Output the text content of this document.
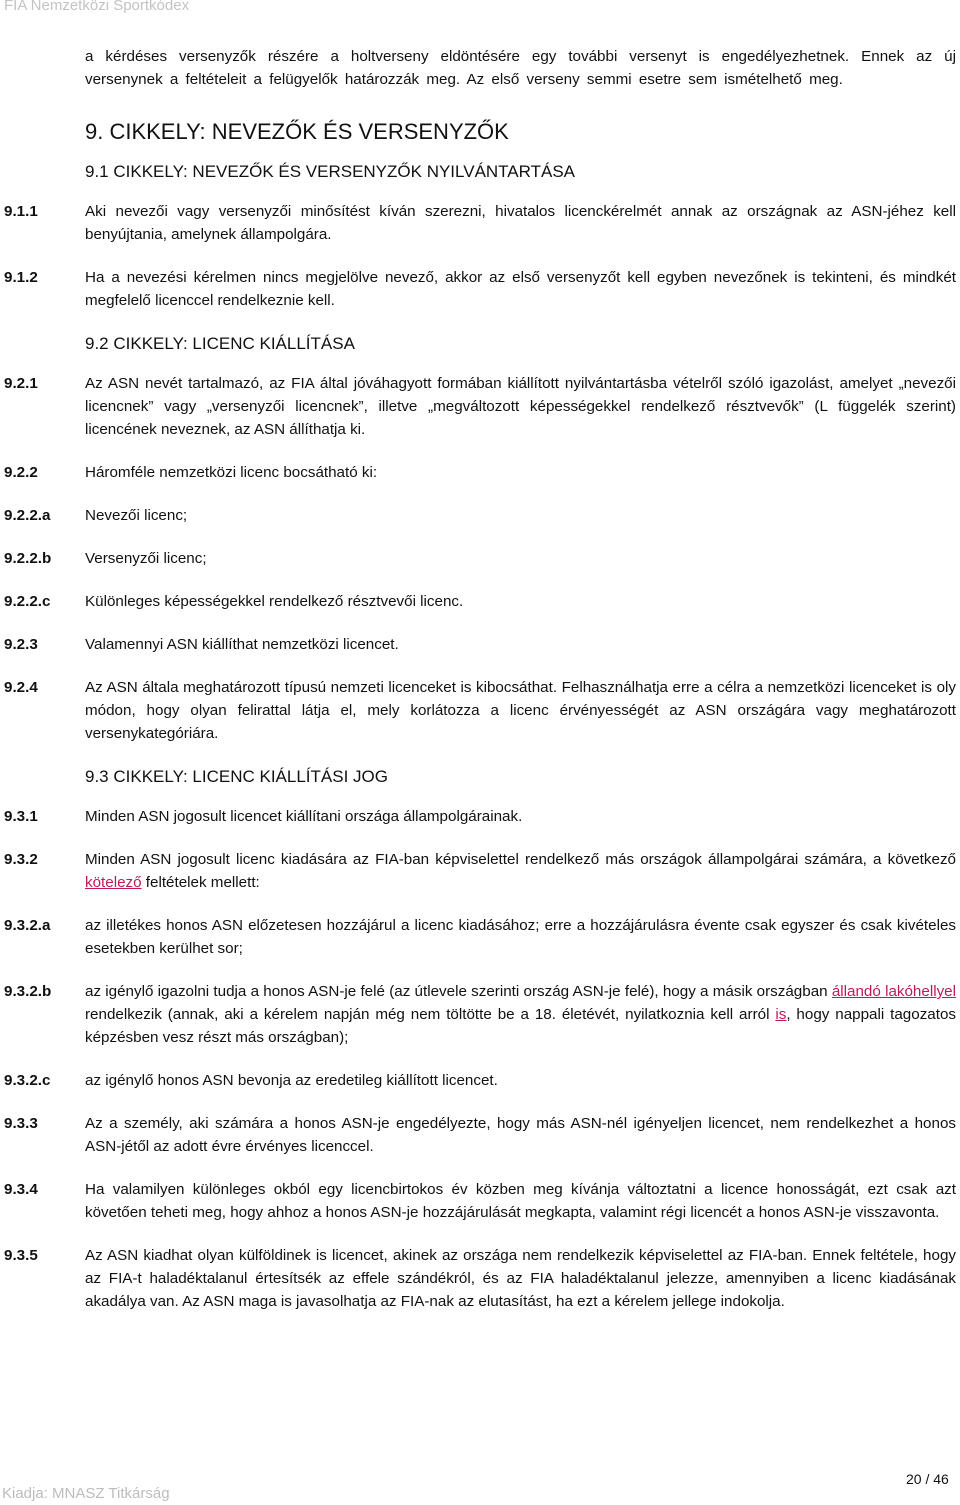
FIA Nemzetközi Sportkódex

a kérdéses versenyzők részére a holtverseny eldöntésére egy további versenyt is engedélyezhetnek. Ennek az új versenynek a feltételeit a felügyelők határozzák meg. Az első verseny semmi esetre sem ismételhető meg.

9. CIKKELY: NEVEZŐK ÉS VERSENYZŐK
9.1 CIKKELY: NEVEZŐK ÉS VERSENYZŐK NYILVÁNTARTÁSA
9.1.1	Aki nevezői vagy versenyzői minősítést kíván szerezni, hivatalos licenckérelmét annak az országnak az ASN-jéhez kell benyújtania, amelynek állampolgára.
9.1.2	Ha a nevezési kérelmen nincs megjelölve nevező, akkor az első versenyzőt kell egyben nevezőnek is tekinteni, és mindkét megfelelő licenccel rendelkeznie kell.
9.2 CIKKELY: LICENC KIÁLLÍTÁSA
9.2.1	Az ASN nevét tartalmazó, az FIA által jóváhagyott formában kiállított nyilvántartásba vételről szóló igazolást, amelyet „nevezői licencnek” vagy „versenyzői licencnek”, illetve „megváltozott képességekkel rendelkező résztvevők” (L függelék szerint) licencének neveznek, az ASN állíthatja ki.
9.2.2	Háromféle nemzetközi licenc bocsátható ki:
9.2.2.a Nevezői licenc;
9.2.2.b Versenyzői licenc;
9.2.2.c Különleges képességekkel rendelkező résztvevői licenc.
9.2.3	Valamennyi ASN kiállíthat nemzetközi licencet.
9.2.4	Az ASN általa meghatározott típusú nemzeti licenceket is kibocsáthat. Felhasználhatja erre a célra a nemzetközi licenceket is oly módon, hogy olyan felirattal látja el, mely korlátozza a licenc érvényességét az ASN országára vagy meghatározott versenykategóriára.
9.3 CIKKELY: LICENC KIÁLLÍTÁSI JOG
9.3.1	Minden ASN jogosult licencet kiállítani országa állampolgárainak.
9.3.2	Minden ASN jogosult licenc kiadására az FIA-ban képviselettel rendelkező más országok állampolgárai számára, a következő kötelező feltételek mellett:
9.3.2.a az illetékes honos ASN előzetesen hozzájárul a licenc kiadásához; erre a hozzájárulásra évente csak egyszer és csak kivételes esetekben kerülhet sor;
9.3.2.b az igénylő igazolni tudja a honos ASN-je felé (az útlevele szerinti ország ASN-je felé), hogy a másik országban állandó lakóhellyel rendelkezik (annak, aki a kérelem napján még nem töltötte be a 18. életévét, nyilatkoznia kell arról is, hogy nappali tagozatos képzésben vesz részt más országban);
9.3.2.c az igénylő honos ASN bevonja az eredetileg kiállított licencet.
9.3.3	Az a személy, aki számára a honos ASN-je engedélyezte, hogy más ASN-nél igényeljen licencet, nem rendelkezhet a honos ASN-jétől az adott évre érvényes licenccel.
9.3.4	Ha valamilyen különleges okból egy licencbirtokos év közben meg kívánja változtatni a licence honosságát, ezt csak azt követően teheti meg, hogy ahhoz a honos ASN-je hozzájárulását megkapta, valamint régi licencét a honos ASN-je visszavonta.
9.3.5	Az ASN kiadhat olyan külföldinek is licencet, akinek az országa nem rendelkezik képviselettel az FIA-ban. Ennek feltétele, hogy az FIA-t haladéktalanul értesítsék az effele szándékról, és az FIA haladéktalanul jelezze, amennyiben a licenc kiadásának akadálya van. Az ASN maga is javasolhatja az FIA-nak az elutasítást, ha ezt a kérelem jellege indokolja.
20 / 46
Kiadja: MNASZ Titkárság
